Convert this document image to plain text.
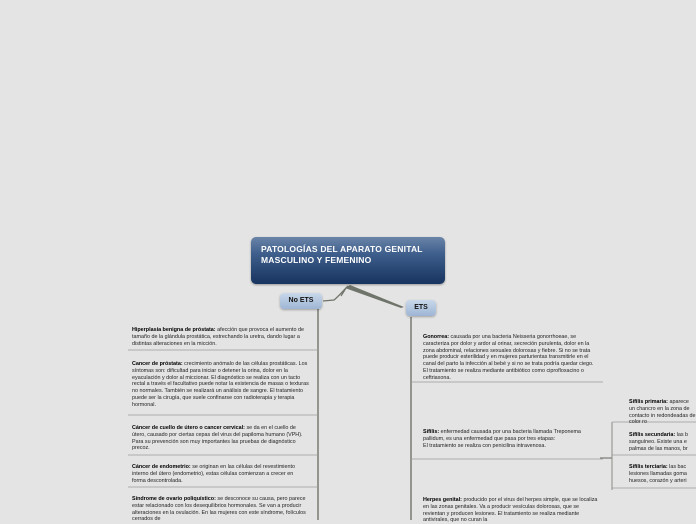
PATOLOGÍAS DEL APARATO GENITAL MASCULINO Y FEMENINO
No ETS
ETS
Hiperplasia benigna de próstata: afección que provoca el aumento de tamaño de la glándula prostática, estrechando la uretra, dando lugar a distintas alteraciones en la micción.
Cancer de próstata: crecimiento anómalo de las células prostáticas. Los síntomas son: dificultad para iniciar o detener la orina, dolor en la eyaculación y dolor al miccionar. El diagnóstico se realiza con un tacto rectal a través el facultativo puede notar la existencia de masas o texturas no normales. También se realizará un análisis de sangre. El tratamiento puede ser la cirugía, que suele confinarse con radioterapia y terapia hormonal.
Cáncer de cuello de útero o cancer cervical: se da en el cuello de útero, causado por ciertas cepas del virus del papiloma humano (VPH). Para su prevención son muy importantes las pruebas de diagnóstico precoz.
Cáncer de endometrio: se originan en las células del revestimiento interno del útero (endometrio), estas células comienzan a crecer en forma descontrolada.
Síndrome de ovario poliquístico: se desconoce su causa, pero parece estar relacionado con los desequilibrios hormonales. Se van a producir alteraciones en la ovulación. En las mujeres con este síndrome, folículos cerrados de
Gonorrea: causada por una bacteria Neisseria gonorrhoeae, se caracteriza por dolor y ardor al orinar, secreción purulenta, dolor en la zona abdominal, relaciones sexuales dolorosas y fiebre. Si no se trata puede producir esterilidad y en mujeres parturientas transmitirle en el canal del parto la infección al bebé y si no se trata podría quedar ciego. El tratamiento se realiza mediante antibiótico como ciprofloxacino o ceftriaxona.
Sífilis: enfermedad causada por una bacteria llamada Treponema pallidum, es una enfermedad que pasa por tres etapas:
El tratamiento se realiza con penicilina intravenosa.
Herpes genital: producido por el virus del herpes simple, que se localiza en las zonas genitales. Va a producir vesículas dolorosas, que se revientan y producen lesiones. El tratamiento se realiza mediante antivirales, que no curan la
Sífilis primaria: aparece un chancro en la zona de contacto in redondeadas de color ro
Sífilis secundaria: las b sanguíneo. Existe una e palmas de las manos, br
Sífilis terciaria: las bac lesiones llamadas goma huesos, corazón y arteri
